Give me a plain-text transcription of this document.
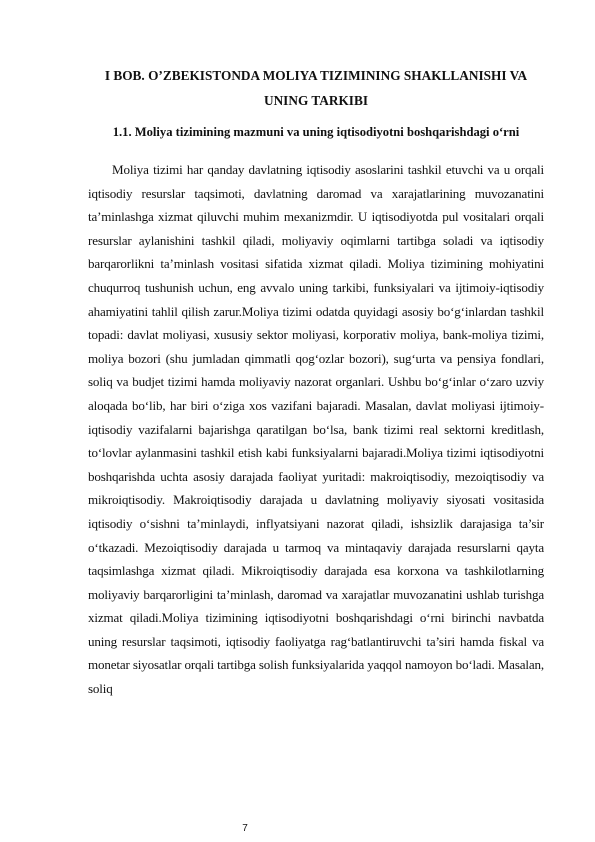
I BOB. O’ZBEKISTONDA MOLIYA TIZIMINING SHAKLLANISHI VA UNING TARKIBI
1.1. Moliya tizimining mazmuni va uning iqtisodiyotni boshqarishdagi o‘rni

Moliya tizimi har qanday davlatning iqtisodiy asoslarini tashkil etuvchi va u orqali iqtisodiy resurslar taqsimoti, davlatning daromad va xarajatlarining muvozanatini ta’minlashga xizmat qiluvchi muhim mexanizmdir. U iqtisodiyotda pul vositalari orqali resurslar aylanishini tashkil qiladi, moliyaviy oqimlarni tartibga soladi va iqtisodiy barqarorlikni ta’minlash vositasi sifatida xizmat qiladi. Moliya tizimining mohiyatini chuqurroq tushunish uchun, eng avvalo uning tarkibi, funksiyalari va ijtimoiy-iqtisodiy ahamiyatini tahlil qilish zarur.Moliya tizimi odatda quyidagi asosiy bo‘g‘inlardan tashkil topadi: davlat moliyasi, xususiy sektor moliyasi, korporativ moliya, bank-moliya tizimi, moliya bozori (shu jumladan qimmatli qog‘ozlar bozori), sug‘urta va pensiya fondlari, soliq va budjet tizimi hamda moliyaviy nazorat organlari. Ushbu bo‘g‘inlar o‘zaro uzviy aloqada bo‘lib, har biri o‘ziga xos vazifani bajaradi. Masalan, davlat moliyasi ijtimoiy-iqtisodiy vazifalarni bajarishga qaratilgan bo‘lsa, bank tizimi real sektorni kreditlash, to‘lovlar aylanmasini tashkil etish kabi funksiyalarni bajaradi.Moliya tizimi iqtisodiyotni boshqarishda uchta asosiy darajada faoliyat yuritadi: makroiqtisodiy, mezoiqtisodiy va mikroiqtisodiy. Makroiqtisodiy darajada u davlatning moliyaviy siyosati vositasida iqtisodiy o‘sishni ta’minlaydi, inflyatsiyani nazorat qiladi, ishsizlik darajasiga ta’sir o‘tkazadi. Mezoiqtisodiy darajada u tarmoq va mintaqaviy darajada resurslarni qayta taqsimlashga xizmat qiladi. Mikroiqtisodiy darajada esa korxona va tashkilotlarning moliyaviy barqarorligini ta’minlash, daromad va xarajatlar muvozanatini ushlab turishga xizmat qiladi.Moliya tizimining iqtisodiyotni boshqarishdagi o‘rni birinchi navbatda uning resurslar taqsimoti, iqtisodiy faoliyatga rag‘batlantiruvchi ta’siri hamda fiskal va monetar siyosatlar orqali tartibga solish funksiyalarida yaqqol namoyon bo‘ladi. Masalan, soliq

7
